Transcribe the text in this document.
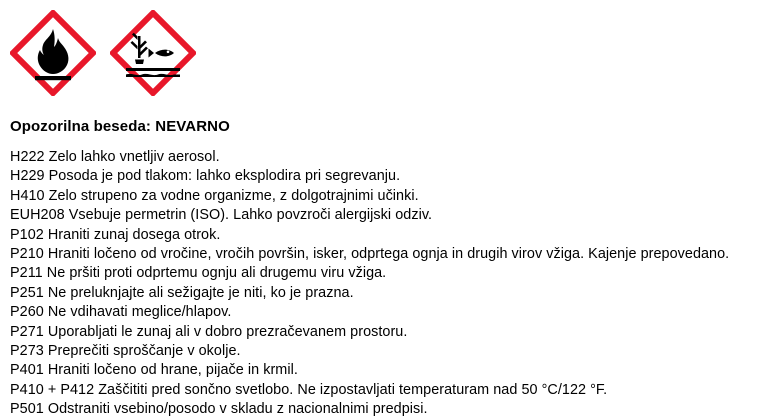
Opozorilna beseda: NEVARNO
H222 Zelo lahko vnetljiv aerosol.
H229 Posoda je pod tlakom: lahko eksplodira pri segrevanju.
H410 Zelo strupeno za vodne organizme, z dolgotrajnimi učinki.
EUH208 Vsebuje permetrin (ISO). Lahko povzroči alergijski odziv.
P102 Hraniti zunaj dosega otrok.
P210 Hraniti ločeno od vročine, vročih površin, isker, odprtega ognja in drugih virov vžiga. Kajenje prepovedano.
P211 Ne pršiti proti odprtemu ognju ali drugemu viru vžiga.
P251 Ne preluknjajte ali sežigajte je niti, ko je prazna.
P260 Ne vdihavati meglice/hlapov.
P271 Uporabljati le zunaj ali v dobro prezračevanem prostoru.
P273 Preprečiti sproščanje v okolje.
P401 Hraniti ločeno od hrane, pijače in krmil.
P410 + P412 Zaščititi pred sončno svetlobo. Ne izpostavljati temperaturam nad 50 °C/122 °F.
P501 Odstraniti vsebino/posodo v skladu z nacionalnimi predpisi.
